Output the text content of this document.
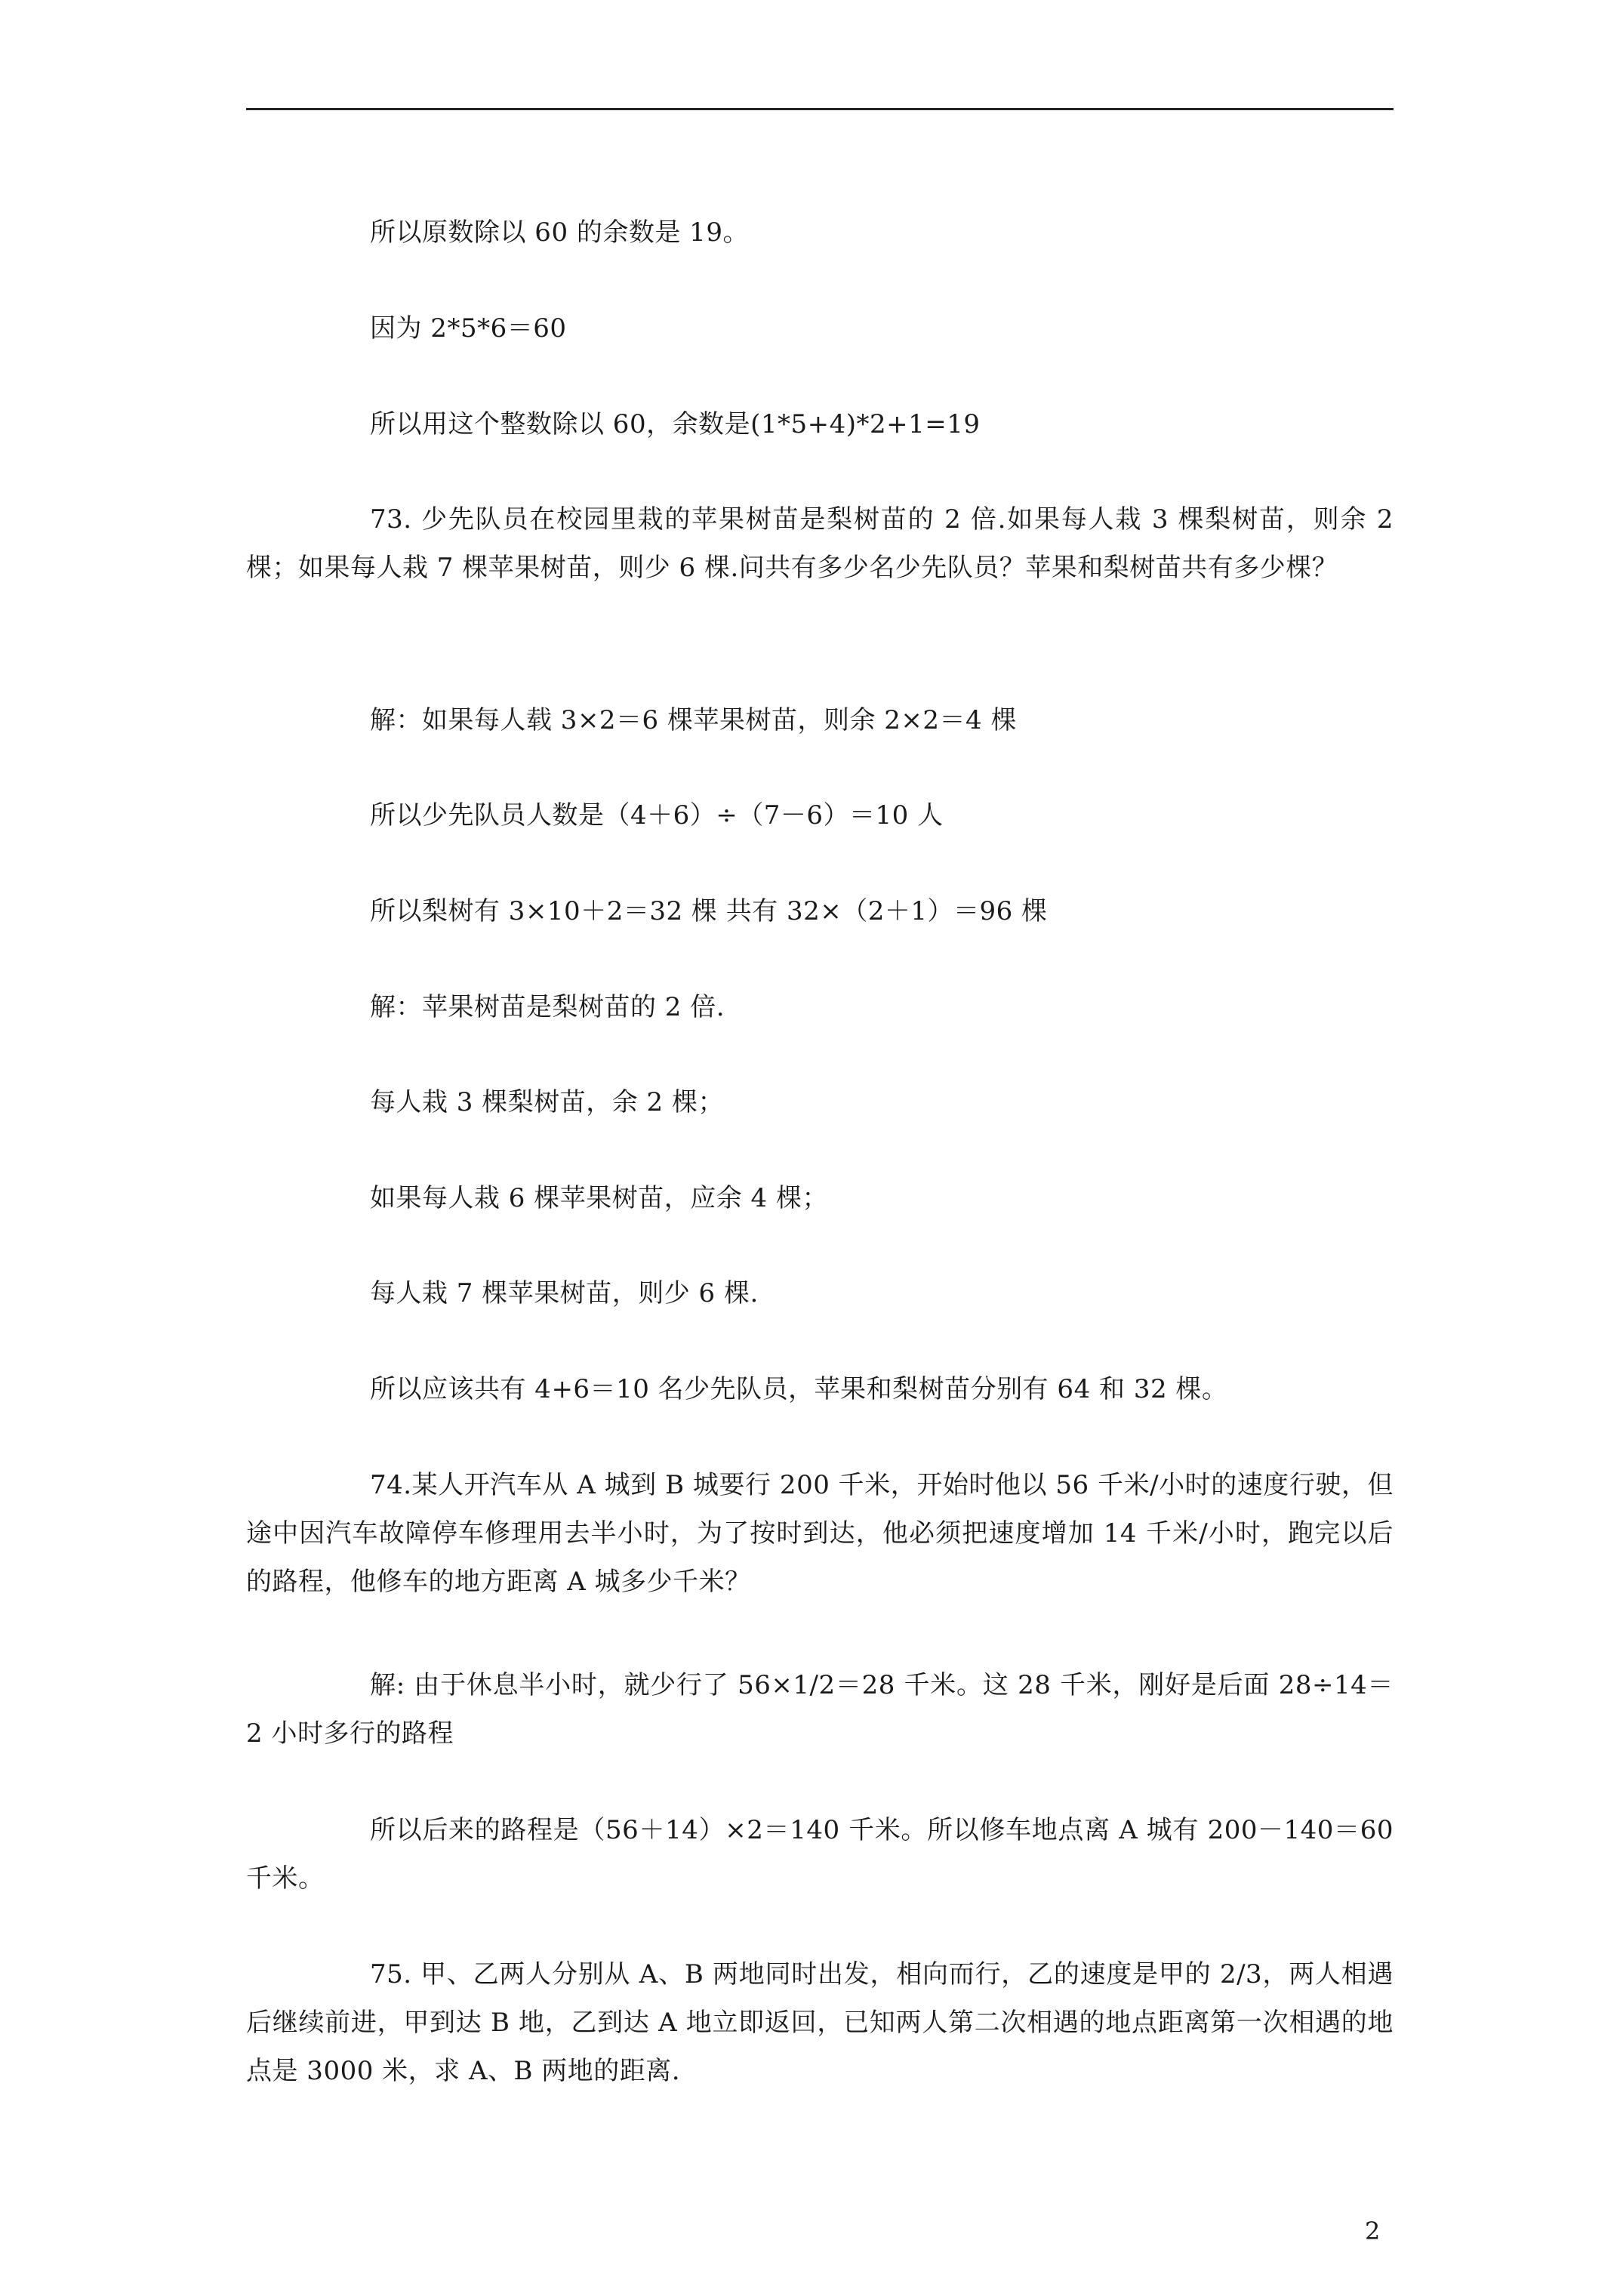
所以原数除以 60 的余数是 19。

因为 2*5*6＝60

所以用这个整数除以 60，余数是(1*5+4)*2+1=19

73. 少先队员在校园里栽的苹果树苗是梨树苗的 2 倍.如果每人栽 3 棵梨树苗，则余 2 棵；如果每人栽 7 棵苹果树苗，则少 6 棵.问共有多少名少先队员？苹果和梨树苗共有多少棵？

解：如果每人载 3×2＝6 棵苹果树苗，则余 2×2＝4 棵

所以少先队员人数是（4＋6）÷（7－6）＝10 人

所以梨树有 3×10＋2＝32 棵 共有 32×（2＋1）＝96 棵

解：苹果树苗是梨树苗的 2 倍.

每人栽 3 棵梨树苗，余 2 棵；

如果每人栽 6 棵苹果树苗，应余 4 棵；

每人栽 7 棵苹果树苗，则少 6 棵.

所以应该共有 4+6＝10 名少先队员，苹果和梨树苗分别有 64 和 32 棵。

74.某人开汽车从 A 城到 B 城要行 200 千米，开始时他以 56 千米/小时的速度行驶，但途中因汽车故障停车修理用去半小时，为了按时到达，他必须把速度增加 14 千米/小时，跑完以后的路程，他修车的地方距离 A 城多少千米？

解: 由于休息半小时，就少行了 56×1/2＝28 千米。这 28 千米，刚好是后面 28÷14＝2 小时多行的路程

所以后来的路程是（56＋14）×2＝140 千米。所以修车地点离 A 城有 200－140＝60 千米。

75. 甲、乙两人分别从 A、B 两地同时出发，相向而行，乙的速度是甲的 2/3，两人相遇后继续前进，甲到达 B 地，乙到达 A 地立即返回，已知两人第二次相遇的地点距离第一次相遇的地点是 3000 米，求 A、B 两地的距离.

2
